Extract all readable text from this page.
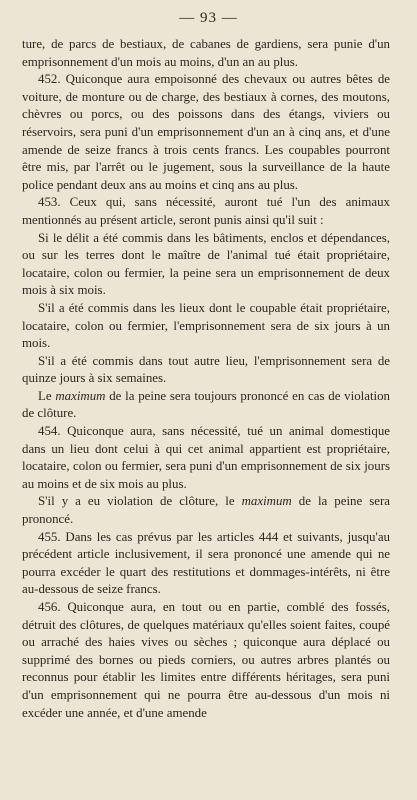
— 93 —

ture, de parcs de bestiaux, de cabanes de gardiens, sera punie d'un emprisonnement d'un mois au moins, d'un an au plus.

452. Quiconque aura empoisonné des chevaux ou autres bêtes de voiture, de monture ou de charge, des bestiaux à cornes, des moutons, chèvres ou porcs, ou des poissons dans des étangs, viviers ou réservoirs, sera puni d'un emprisonnement d'un an à cinq ans, et d'une amende de seize francs à trois cents francs. Les coupables pourront être mis, par l'arrêt ou le jugement, sous la surveillance de la haute police pendant deux ans au moins et cinq ans au plus.

453. Ceux qui, sans nécessité, auront tué l'un des animaux mentionnés au présent article, seront punis ainsi qu'il suit :

Si le délit a été commis dans les bâtiments, enclos et dépendances, ou sur les terres dont le maître de l'animal tué était propriétaire, locataire, colon ou fermier, la peine sera un emprisonnement de deux mois à six mois.

S'il a été commis dans les lieux dont le coupable était propriétaire, locataire, colon ou fermier, l'emprisonnement sera de six jours à un mois.

S'il a été commis dans tout autre lieu, l'emprisonnement sera de quinze jours à six semaines.

Le maximum de la peine sera toujours prononcé en cas de violation de clôture.

454. Quiconque aura, sans nécessité, tué un animal domestique dans un lieu dont celui à qui cet animal appartient est propriétaire, locataire, colon ou fermier, sera puni d'un emprisonnement de six jours au moins et de six mois au plus.

S'il y a eu violation de clôture, le maximum de la peine sera prononcé.

455. Dans les cas prévus par les articles 444 et suivants, jusqu'au précédent article inclusivement, il sera prononcé une amende qui ne pourra excéder le quart des restitutions et dommages-intérêts, ni être au-dessous de seize francs.

456. Quiconque aura, en tout ou en partie, comblé des fossés, détruit des clôtures, de quelques matériaux qu'elles soient faites, coupé ou arraché des haies vives ou sèches ; quiconque aura déplacé ou supprimé des bornes ou pieds corniers, ou autres arbres plantés ou reconnus pour établir les limites entre différents héritages, sera puni d'un emprisonnement qui ne pourra être au-dessous d'un mois ni excéder une année, et d'une amende
